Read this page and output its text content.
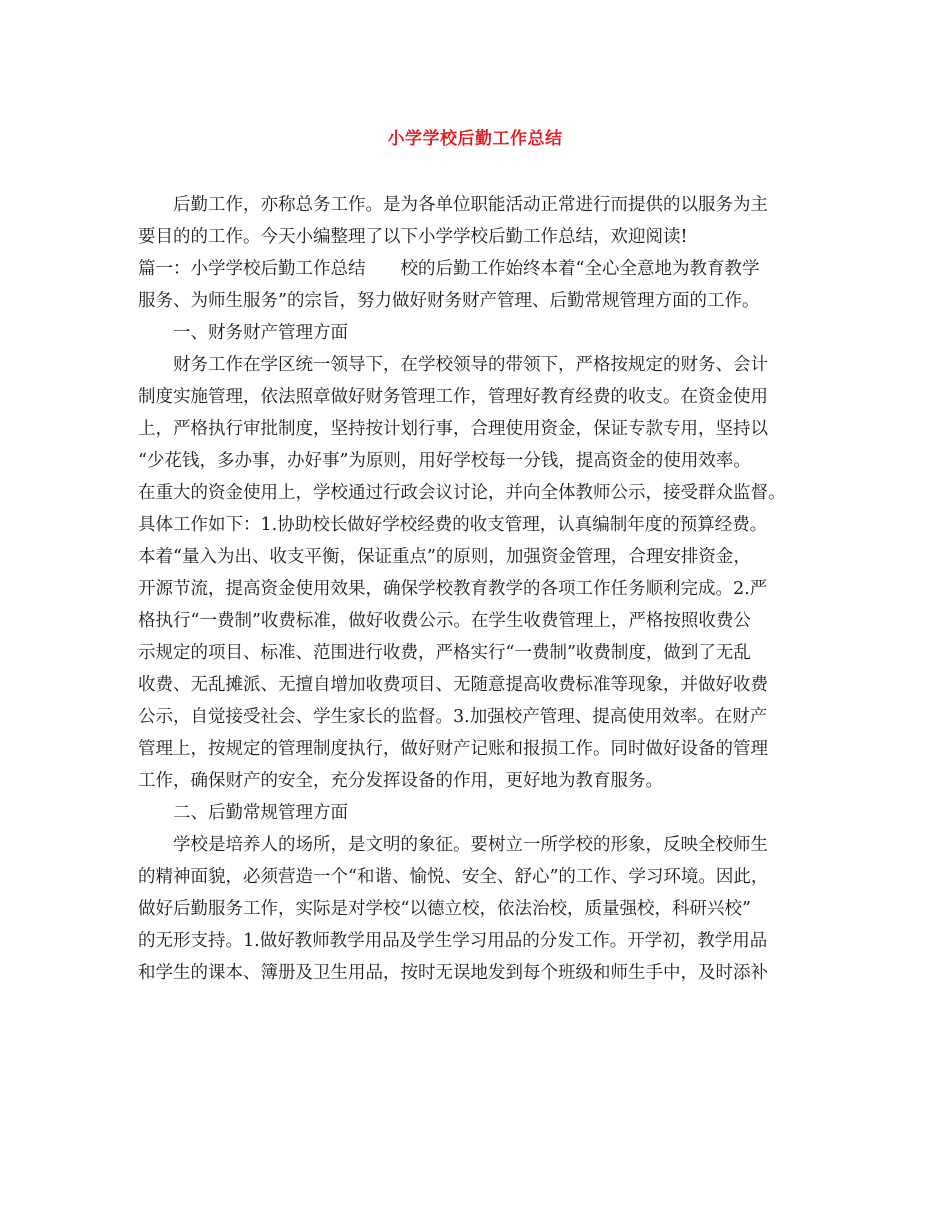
小学学校后勤工作总结
　　后勤工作，亦称总务工作。是为各单位职能活动正常进行而提供的以服务为主
要目的的工作。今天小编整理了以下小学学校后勤工作总结，欢迎阅读!
篇一：小学学校后勤工作总结　　校的后勤工作始终本着“全心全意地为教育教学
服务、为师生服务”的宗旨，努力做好财务财产管理、后勤常规管理方面的工作。
　　一、财务财产管理方面
　　财务工作在学区统一领导下，在学校领导的带领下，严格按规定的财务、会计
制度实施管理，依法照章做好财务管理工作，管理好教育经费的收支。在资金使用
上，严格执行审批制度，坚持按计划行事，合理使用资金，保证专款专用，坚持以
“少花钱，多办事，办好事”为原则，用好学校每一分钱，提高资金的使用效率。
在重大的资金使用上，学校通过行政会议讨论，并向全体教师公示，接受群众监督。
具体工作如下：1.协助校长做好学校经费的收支管理，认真编制年度的预算经费。
本着“量入为出、收支平衡，保证重点”的原则，加强资金管理，合理安排资金，
开源节流，提高资金使用效果，确保学校教育教学的各项工作任务顺利完成。2.严
格执行“一费制”收费标准，做好收费公示。在学生收费管理上，严格按照收费公
示规定的项目、标准、范围进行收费，严格实行“一费制”收费制度，做到了无乱
收费、无乱摊派、无擅自增加收费项目、无随意提高收费标准等现象，并做好收费
公示，自觉接受社会、学生家长的监督。3.加强校产管理、提高使用效率。在财产
管理上，按规定的管理制度执行，做好财产记账和报损工作。同时做好设备的管理
工作，确保财产的安全，充分发挥设备的作用，更好地为教育服务。
　　二、后勤常规管理方面
　　学校是培养人的场所，是文明的象征。要树立一所学校的形象，反映全校师生
的精神面貌，必须营造一个“和谐、愉悦、安全、舒心”的工作、学习环境。因此，
做好后勤服务工作，实际是对学校“以德立校，依法治校，质量强校，科研兴校”
的无形支持。1.做好教师教学用品及学生学习用品的分发工作。开学初，教学用品
和学生的课本、簿册及卫生用品，按时无误地发到每个班级和师生手中，及时添补
